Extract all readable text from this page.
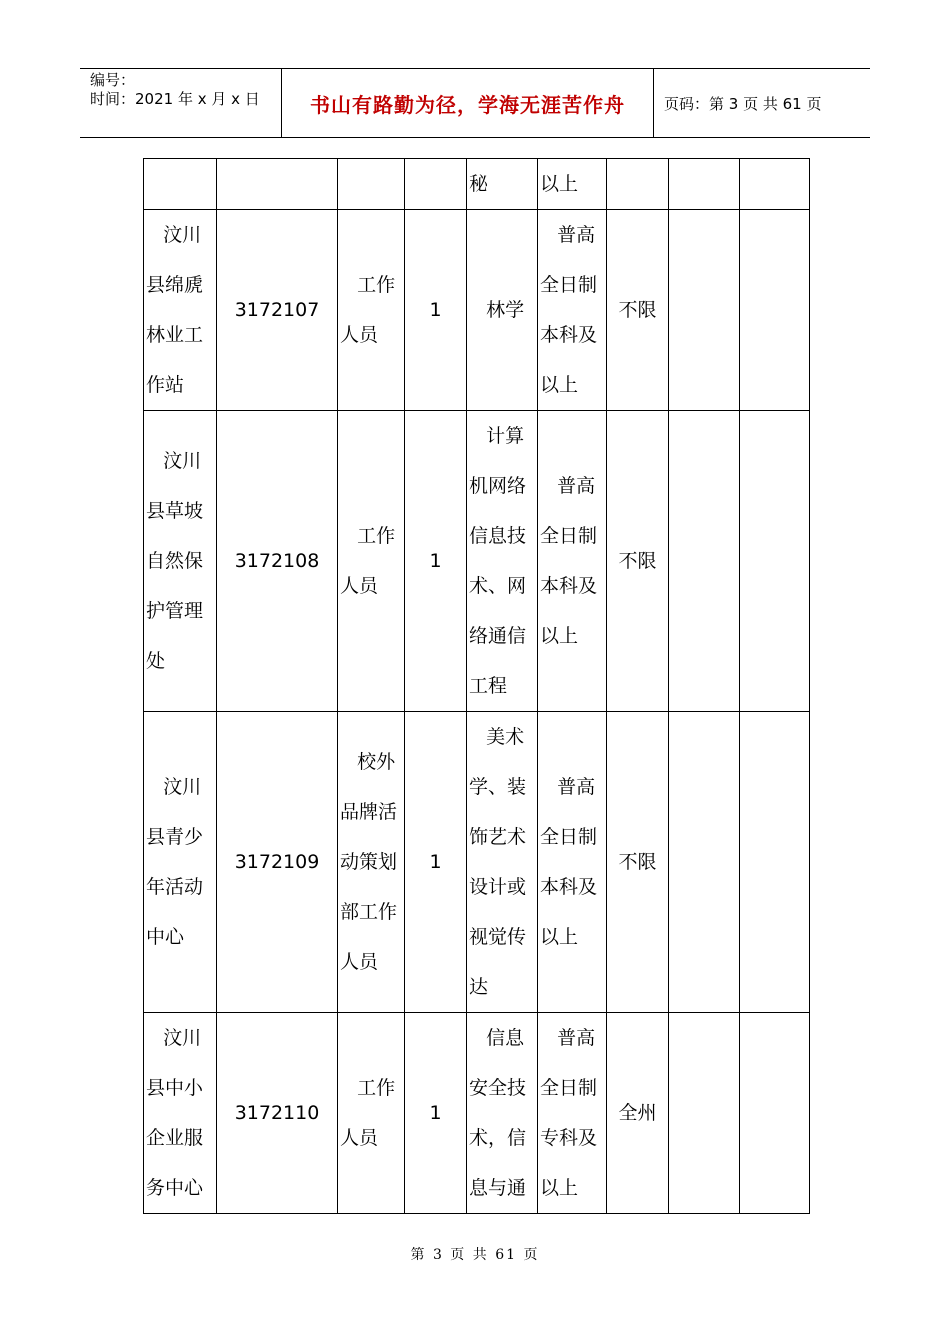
编号：
时间：2021 年 x 月 x 日	书山有路勤为径，学海无涯苦作舟	页码：第 3 页 共 61 页
				秘	以上			
汶川县绵虒林业工作站	3172107	工作人员	1	林学	普高全日制本科及以上	不限		
汶川县草坡自然保护管理处	3172108	工作人员	1	计算机网络信息技术、网络通信工程	普高全日制本科及以上	不限		
汶川县青少年活动中心	3172109	校外品牌活动策划部工作人员	1	美术学、装饰艺术设计或视觉传达	普高全日制本科及以上	不限		
汶川县中小企业服务中心	3172110	工作人员	1	信息安全技术，信息与通	普高全日制专科及以上	全州		
第 3 页 共 61 页
